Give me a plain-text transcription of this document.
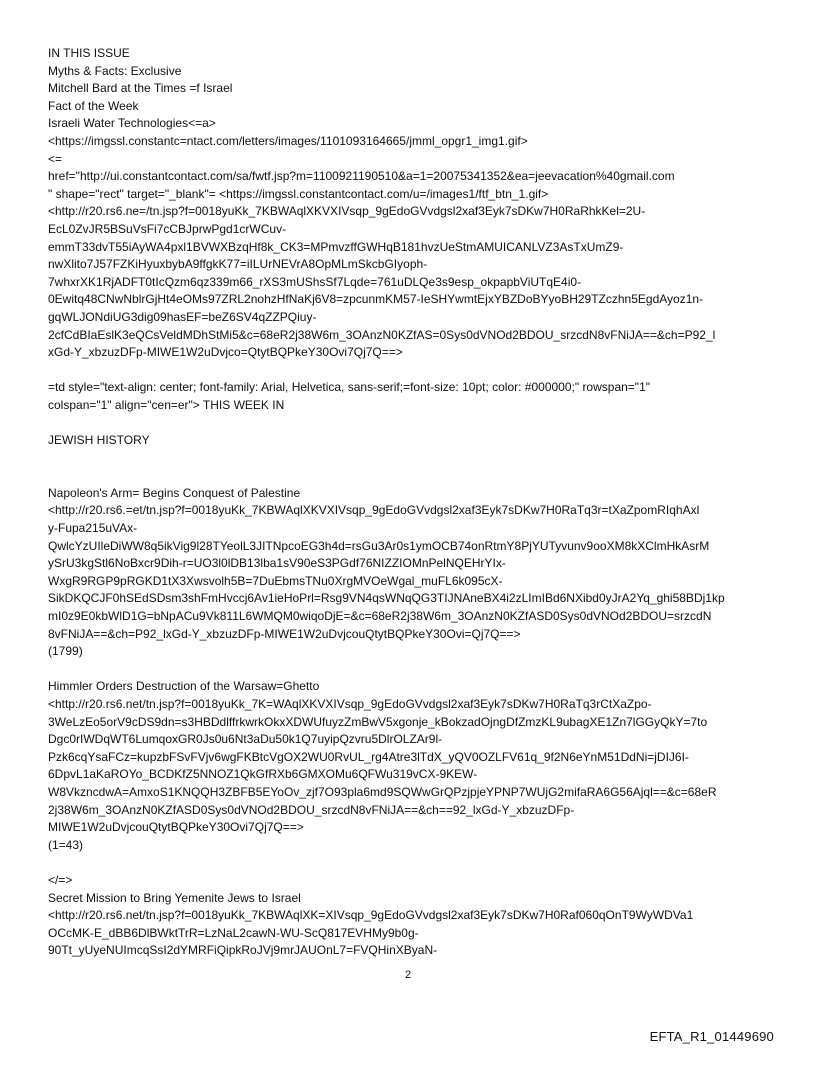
IN THIS ISSUE
Myths & Facts: Exclusive
Mitchell Bard at the Times =f Israel
Fact of the Week
Israeli Water Technologies<=a>
<https://imgssl.constantc=ntact.com/letters/images/1101093164665/jmml_opgr1_img1.gif>
<=
href="http://ui.constantcontact.com/sa/fwtf.jsp?m=1100921190510&a=1=20075341352&ea=jeevacation%40gmail.com
" shape="rect" target="_blank"= <https://imgssl.constantcontact.com/u=/images1/ftf_btn_1.gif>
<http://r20.rs6.ne=/tn.jsp?f=0018yuKk_7KBWAqlXKVXIVsqp_9gEdoGVvdgsl2xaf3Eyk7sDKw7H0RaRhkKel=2U-
EcL0ZvJR5BSuVsFi7cCBJprwPgd1crWCuv-
emmT33dvT55iAyWA4pxl1BVWXBzqHf8k_CK3=MPmvzffGWHqB181hvzUeStmAMUICANLVZ3AsTxUmZ9-
nwXlito7J57FZKiHyuxbybA9ffgkK77=iILUrNEVrA8OpMLmSkcbGIyoph-
7whxrXK1RjADFT0tIcQzm6qz339m66_rXS3mUShsSf7Lqde=761uDLQe3s9esp_okpapbViUTqE4i0-
0Ewitq48CNwNblrGjHt4eOMs97ZRL2nohzHfNaKj6V8=zpcunmKM57-IeSHYwmtEjxYBZDoBYyoBH29TZczhn5EgdAyoz1n-
gqWLJONdiUG3dig09hasEF=beZ6SV4qZZPQiuy-
2cfCdBIaEslK3eQCsVeldMDhStMi5&c=68eR2j38W6m_3OAnzN0KZfAS=0Sys0dVNOd2BDOU_srzcdN8vFNiJA==&ch=P92_l
xGd-Y_xbzuzDFp-MIWE1W2uDvjco=QtytBQPkeY30Ovi7Qj7Q==>
=td style="text-align: center; font-family: Arial, Helvetica, sans-serif;=font-size: 10pt; color: #000000;" rowspan="1"
colspan="1" align="cen=er"> THIS WEEK IN
JEWISH HISTORY
Napoleon's Arm= Begins Conquest of Palestine
<http://r20.rs6.=et/tn.jsp?f=0018yuKk_7KBWAqlXKVXIVsqp_9gEdoGVvdgsl2xaf3Eyk7sDKw7H0RaTq3r=tXaZpomRIqhAxl
y-Fupa215uVAx-
QwlcYzUIleDiWW8q5ikVig9l28TYeolL3JITNpcoEG3h4d=rsGu3Ar0s1ymOCB74onRtmY8PjYUTyvunv9ooXM8kXClmHkAsrM
ySrU3kgStl6NoBxcr9Dih-r=UO3l0lDB13lba1sV90eS3PGdf76NIZZIOMnPelNQEHrYIx-
WxgR9RGP9pRGKD1tX3Xwsvolh5B=7DuEbmsTNu0XrgMVOeWgal_muFL6k095cX-
SikDKQCJF0hSEdSDsm3shFmHvccj6Av1ieHoPrl=Rsg9VN4qsWNqQG3TIJNAneBX4i2zLImIBd6NXibd0yJrA2Yq_ghi58BDj1kp
mI0z9E0kbWlD1G=bNpACu9Vk811L6WMQM0wiqoDjE=&c=68eR2j38W6m_3OAnzN0KZfASD0Sys0dVNOd2BDOU=srzcdN
8vFNiJA==&ch=P92_lxGd-Y_xbzuzDFp-MIWE1W2uDvjcouQtytBQPkeY30Ovi=Qj7Q==>
(1799)
Himmler Orders Destruction of the Warsaw=Ghetto
<http://r20.rs6.net/tn.jsp?f=0018yuKk_7K=WAqlXKVXIVsqp_9gEdoGVvdgsl2xaf3Eyk7sDKw7H0RaTq3rCtXaZpo-
3WeLzEo5orV9cDS9dn=s3HBDdlffrkwrkOkxXDWUfuyzZmBwV5xgonje_kBokzadOjngDfZmzKL9ubagXE1Zn7lGGyQkY=7to
Dgc0rIWDqWT6LumqoxGR0Js0u6Nt3aDu50k1Q7uyipQzvru5DlrOLZAr9l-
Pzk6cqYsaFCz=kupzbFSvFVjv6wgFKBtcVgOX2WU0RvUL_rg4Atre3lTdX_yQV0OZLFV61q_9f2N6eYnM51DdNi=jDIJ6I-
6DpvL1aKaROYo_BCDKfZ5NNOZ1QkGfRXb6GMXOMu6QFWu319vCX-9KEW-
W8VkzncdwA=AmxoS1KNQQH3ZBFB5EYoOv_zjf7O93pla6md9SQWwGrQPzjpjeYPNP7WUjG2mifaRA6G56Ajql==&c=68eR
2j38W6m_3OAnzN0KZfASD0Sys0dVNOd2BDOU_srzcdN8vFNiJA==&ch==92_lxGd-Y_xbzuzDFp-
MIWE1W2uDvjcouQtytBQPkeY30Ovi7Qj7Q==>
(1=43)
</=>
Secret Mission to Bring Yemenite Jews to Israel
<http://r20.rs6.net/tn.jsp?f=0018yuKk_7KBWAqlXK=XIVsqp_9gEdoGVvdgsl2xaf3Eyk7sDKw7H0Raf060qOnT9WyWDVa1
OCcMK-E_dBB6DlBWktTrR=LzNaL2cawN-WU-ScQ817EVHMy9b0g-
90Tt_yUyeNUImcqSsI2dYMRFiQipkRoJVj9mrJAUOnL7=FVQHinXByaN-
2
EFTA_R1_01449690
